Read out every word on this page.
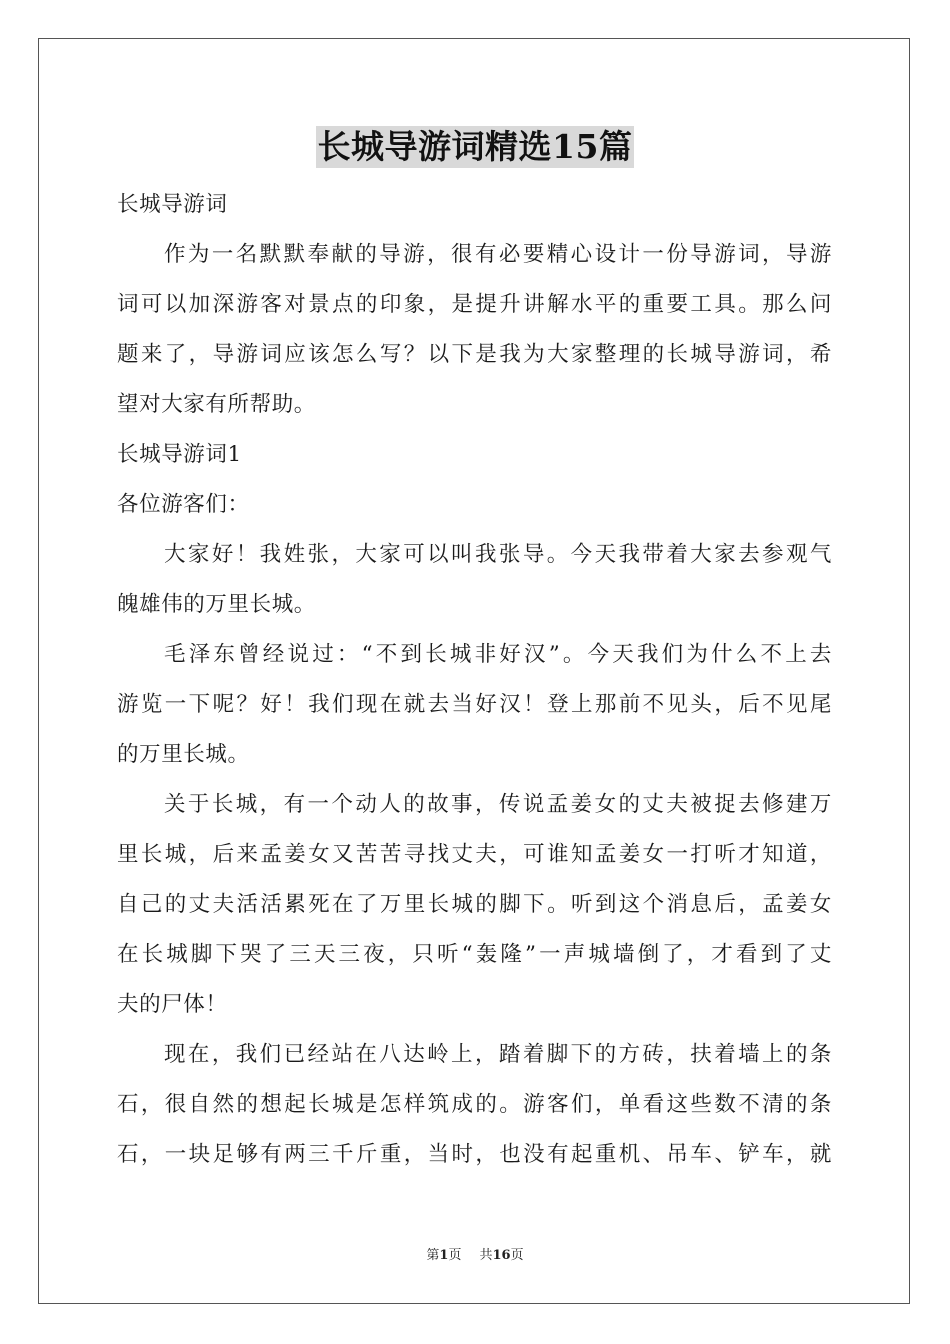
长城导游词精选15篇
长城导游词
作为一名默默奉献的导游，很有必要精心设计一份导游词，导游
词可以加深游客对景点的印象，是提升讲解水平的重要工具。那么问
题来了，导游词应该怎么写？以下是我为大家整理的长城导游词，希
望对大家有所帮助。
长城导游词1
各位游客们：
大家好！我姓张，大家可以叫我张导。今天我带着大家去参观气
魄雄伟的万里长城。
毛泽东曾经说过：“不到长城非好汉”。今天我们为什么不上去
游览一下呢？好！我们现在就去当好汉！登上那前不见头，后不见尾
的万里长城。
关于长城，有一个动人的故事，传说孟姜女的丈夫被捉去修建万
里长城，后来孟姜女又苦苦寻找丈夫，可谁知孟姜女一打听才知道，
自己的丈夫活活累死在了万里长城的脚下。听到这个消息后，孟姜女
在长城脚下哭了三天三夜，只听“轰隆”一声城墙倒了，才看到了丈
夫的尸体！
现在，我们已经站在八达岭上，踏着脚下的方砖，扶着墙上的条
石，很自然的想起长城是怎样筑成的。游客们，单看这些数不清的条
石，一块足够有两三千斤重，当时，也没有起重机、吊车、铲车，就
第1页 共16页
